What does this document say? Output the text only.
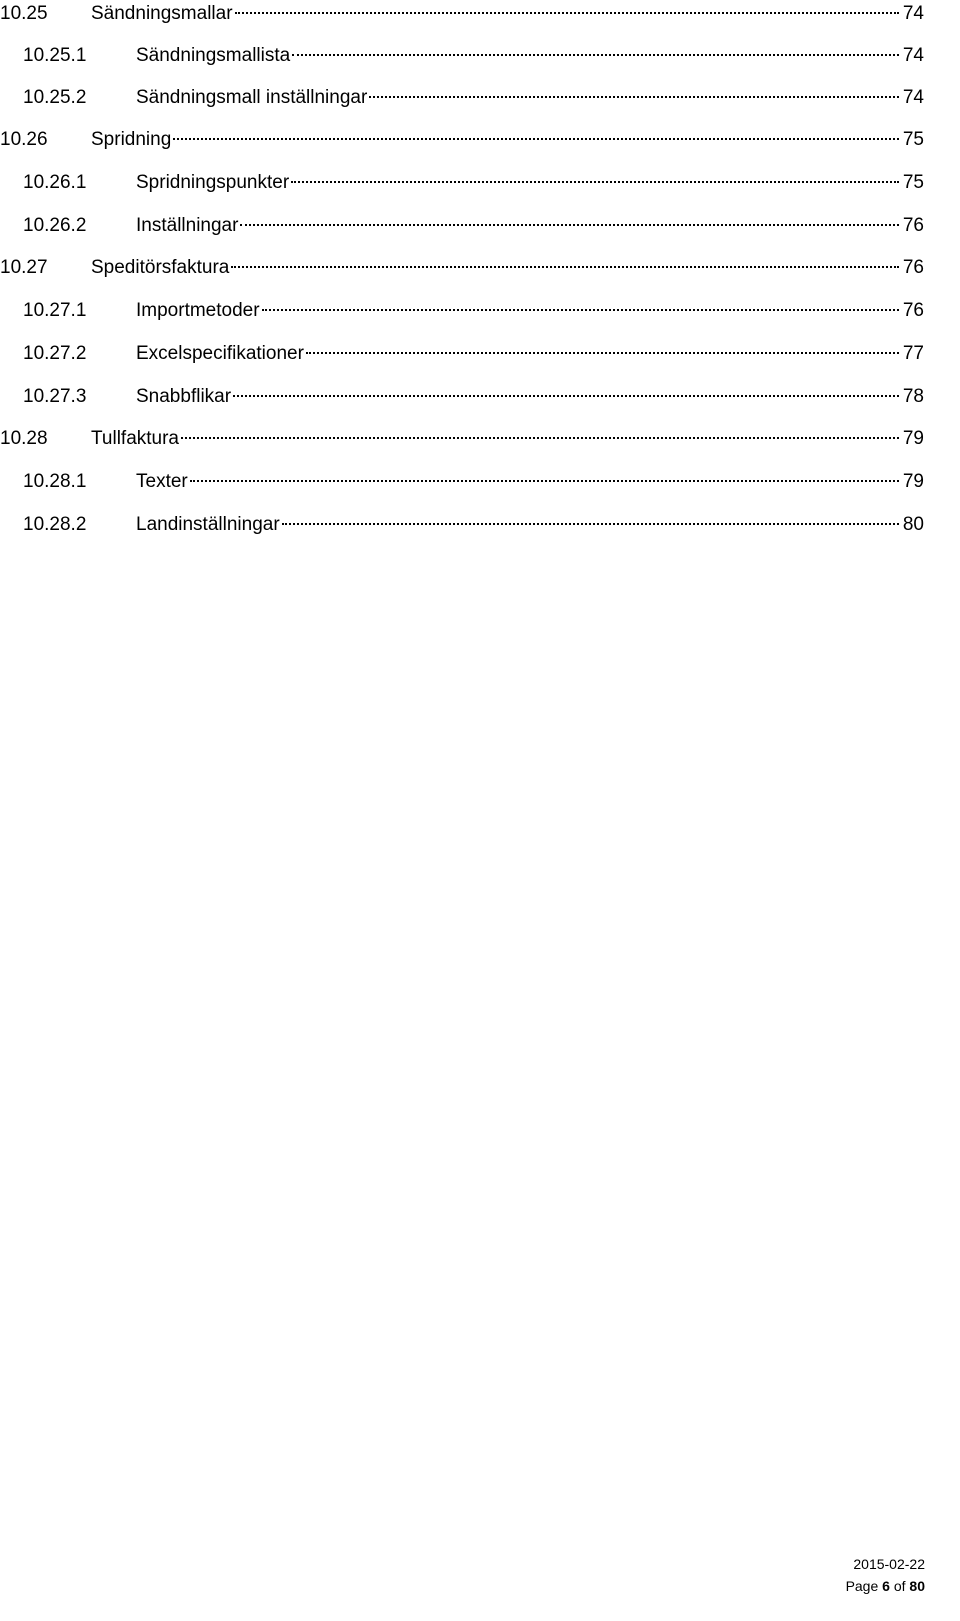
10.25	Sändningsmallar	74
10.25.1	Sändningsmallista	74
10.25.2	Sändningsmall inställningar	74
10.26	Spridning	75
10.26.1	Spridningspunkter	75
10.26.2	Inställningar	76
10.27	Speditörsfaktura	76
10.27.1	Importmetoder	76
10.27.2	Excelspecifikationer	77
10.27.3	Snabbflikar	78
10.28	Tullfaktura	79
10.28.1	Texter	79
10.28.2	Landinställningar	80
2015-02-22
Page 6 of 80
